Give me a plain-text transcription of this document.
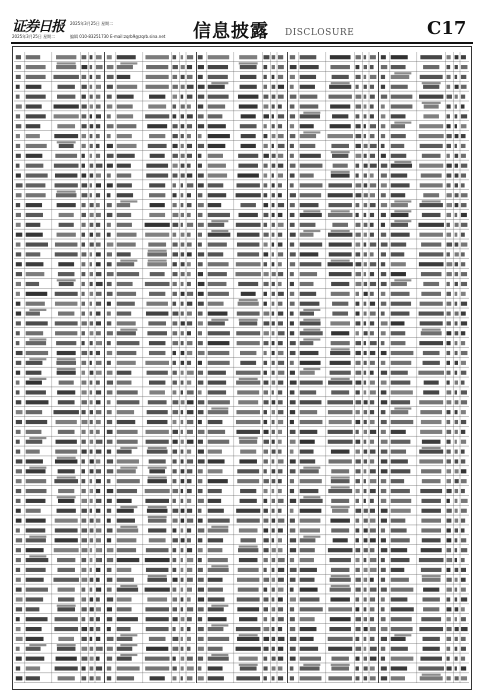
证券日报 2025年3月25日 星期二
2025年3月25日 星期二	编辑 010-83251730 E-mail:zqrb9@zqrb.sina.net 信息披露 DISCLOSURE	C17
